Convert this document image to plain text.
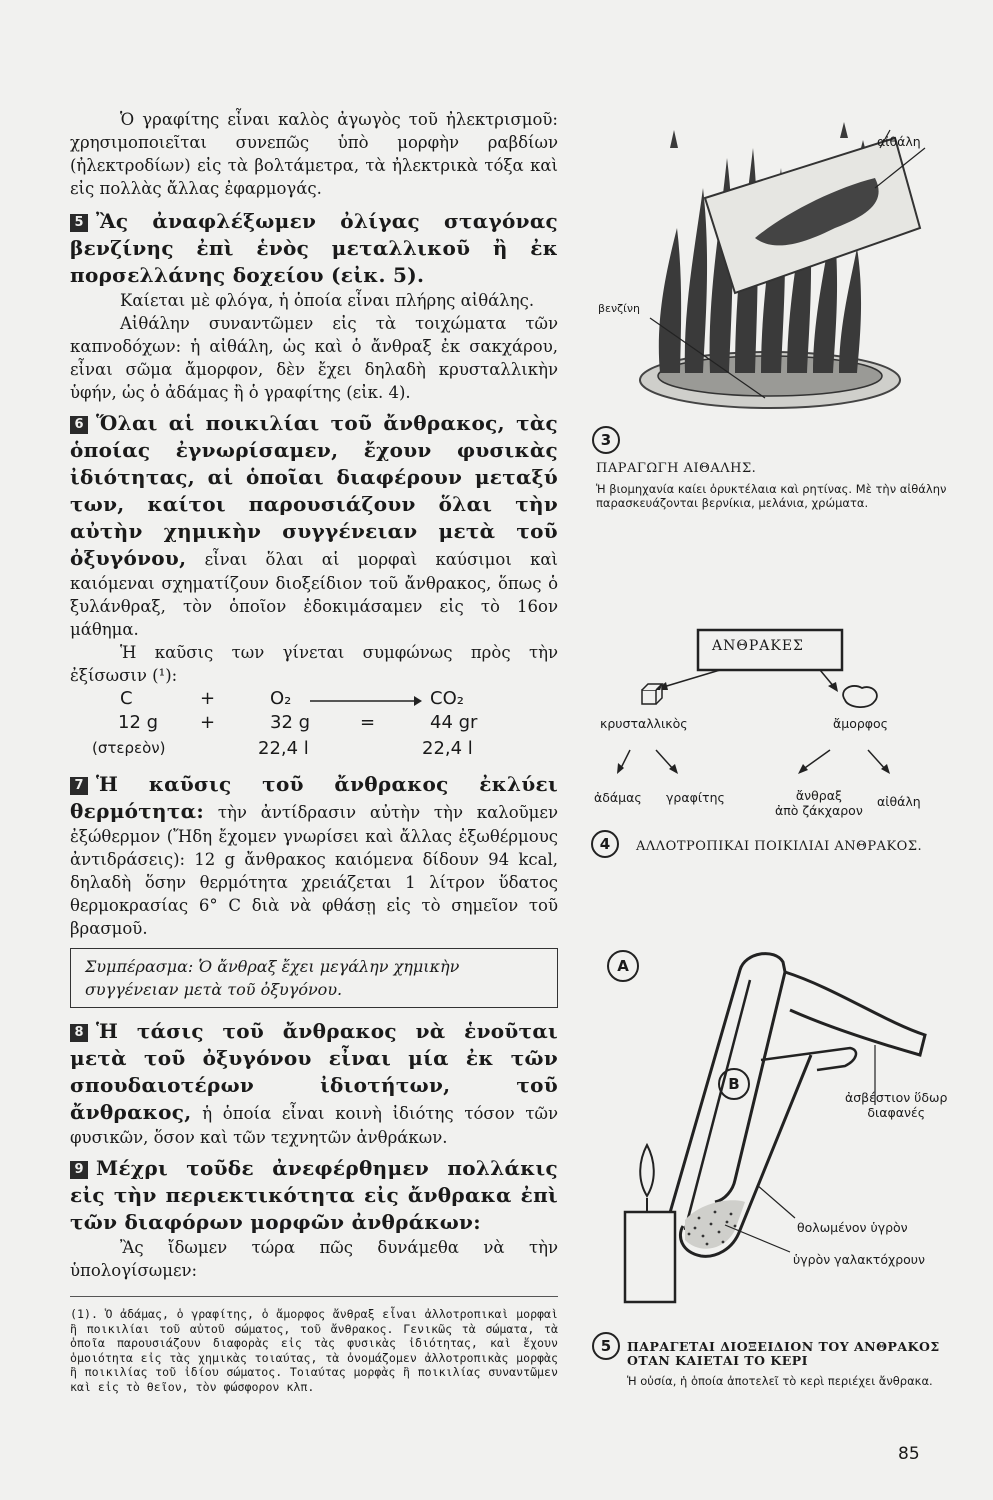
Ὁ γραφίτης εἶναι καλὸς ἀγωγὸς τοῦ ἠλεκτρισμοῦ: χρησιμοποιεῖται συνεπῶς ὑπὸ μορφὴν ραβδίων (ἠλεκτροδίων) εἰς τὰ βολτάμετρα, τὰ ἠλεκτρικὰ τόξα καὶ εἰς πολλὰς ἄλλας ἐφαρμογάς.

5 Ἂς ἀναφλέξωμεν ὀλίγας σταγόνας βενζίνης ἐπὶ ἑνὸς μεταλλικοῦ ἢ ἐκ πορσελλάνης δοχείου (εἰκ. 5).

Καίεται μὲ φλόγα, ἡ ὁποία εἶναι πλήρης αἰθάλης.

Αἰθάλην συναντῶμεν εἰς τὰ τοιχώματα τῶν καπνοδόχων: ἡ αἰθάλη, ὡς καὶ ὁ ἄνθραξ ἐκ σακχάρου, εἶναι σῶμα ἄμορφον, δὲν ἔχει δηλαδὴ κρυσταλλικὴν ὑφήν, ὡς ὁ ἀδάμας ἢ ὁ γραφίτης (εἰκ. 4).

6 Ὅλαι αἱ ποικιλίαι τοῦ ἄνθρακος, τὰς ὁποίας ἐγνωρίσαμεν, ἔχουν φυσικὰς ἰδιότητας, αἱ ὁποῖαι διαφέρουν μεταξύ των, καίτοι παρουσιάζουν ὅλαι τὴν αὐτὴν χημικὴν συγγένειαν μετὰ τοῦ ὀξυγόνου, εἶναι ὅλαι αἱ μορφαὶ καύσιμοι καὶ καιόμεναι σχηματίζουν διοξείδιον τοῦ ἄνθρακος, ὅπως ὁ ξυλάνθραξ, τὸν ὁποῖον ἐδοκιμάσαμεν εἰς τὸ 16ον μάθημα.

Ἡ καῦσις των γίνεται συμφώνως πρὸς τὴν ἐξίσωσιν (¹):

C	+	O₂	CO₂
12 g +	32 g	=	44 gr
(στερεὸν)	22,4 l	22,4 l

7 Ἡ καῦσις τοῦ ἄνθρακος ἐκλύει θερμότητα: τὴν ἀντίδρασιν αὐτὴν τὴν καλοῦμεν ἐξώθερμον (Ἤδη ἔχομεν γνωρίσει καὶ ἄλλας ἐξωθέρμους ἀντιδράσεις): 12 g ἄνθρακος καιόμενα δίδουν 94 kcal, δηλαδὴ ὅσην θερμότητα χρειάζεται 1 λίτρον ὕδατος θερμοκρασίας 6° C διὰ νὰ φθάσῃ εἰς τὸ σημεῖον τοῦ βρασμοῦ.

Συμπέρασμα: Ὁ ἄνθραξ ἔχει μεγάλην χημικὴν συγγένειαν μετὰ τοῦ ὀξυγόνου.

8 Ἡ τάσις τοῦ ἄνθρακος νὰ ἑνοῦται μετὰ τοῦ ὀξυγόνου εἶναι μία ἐκ τῶν σπουδαιοτέρων ἰδιοτήτων, τοῦ ἄνθρακος, ἡ ὁποία εἶναι κοινὴ ἰδιότης τόσον τῶν φυσικῶν, ὅσον καὶ τῶν τεχνητῶν ἀνθράκων.

9 Μέχρι τοῦδε ἀνεφέρθημεν πολλάκις εἰς τὴν περιεκτικότητα εἰς ἄνθρακα ἐπὶ τῶν διαφόρων μορφῶν ἀνθράκων:

Ἂς ἴδωμεν τώρα πῶς δυνάμεθα νὰ τὴν ὑπολογίσωμεν:

(1). Ὁ ἀδάμας, ὁ γραφίτης, ὁ ἄμορφος ἄνθραξ εἶναι ἀλλοτροπικαὶ μορφαὶ ἢ ποικιλίαι τοῦ αὐτοῦ σώματος, τοῦ ἄνθρακος. Γενικῶς τὰ σώματα, τὰ ὁποῖα παρουσιάζουν διαφορὰς εἰς τὰς φυσικὰς ἰδιότητας, καὶ ἔχουν ὁμοιότητα εἰς τὰς χημικὰς τοιαύτας, τὰ ὀνομάζομεν ἀλλοτροπικὰς μορφὰς ἢ ποικιλίας τοῦ ἰδίου σώματος. Τοιαύτας μορφὰς ἢ ποικιλίας συναντῶμεν καὶ εἰς τὸ θεῖον, τὸν φώσφορον κλπ.
αἰθάλη
βενζίνη
3
ΠΑΡΑΓΩΓΗ ΑΙΘΑΛΗΣ.
Ἡ βιομηχανία καίει ὀρυκτέλαια καὶ ρητίνας. Μὲ τὴν αἰθάλην παρασκευάζονται βερνίκια, μελάνια, χρώματα.
ΑΝΘΡΑΚΕΣ
κρυσταλλικὸς	ἄμορφος
ἀδάμας γραφίτης	ἄνθραξ
ἀπὸ ζάκχαρον
αἰθάλη
4	ΑΛΛΟΤΡΟΠΙΚΑΙ ΠΟΙΚΙΛΙΑΙ ΑΝΘΡΑΚΟΣ.
A
B
ἀσβέστιον ὕδωρ
διαφανές
θολωμένον ὑγρὸν
ὑγρὸν γαλακτόχρουν
5	ΠΑΡΑΓΕΤΑΙ ΔΙΟΞΕΙΔΙΟΝ ΤΟΥ ΑΝΘΡΑΚΟΣ ΟΤΑΝ ΚΑΙΕΤΑΙ ΤΟ ΚΕΡΙ
Ἡ οὐσία, ἡ ὁποία ἀποτελεῖ τὸ κερὶ περιέχει ἄνθρακα.
85
